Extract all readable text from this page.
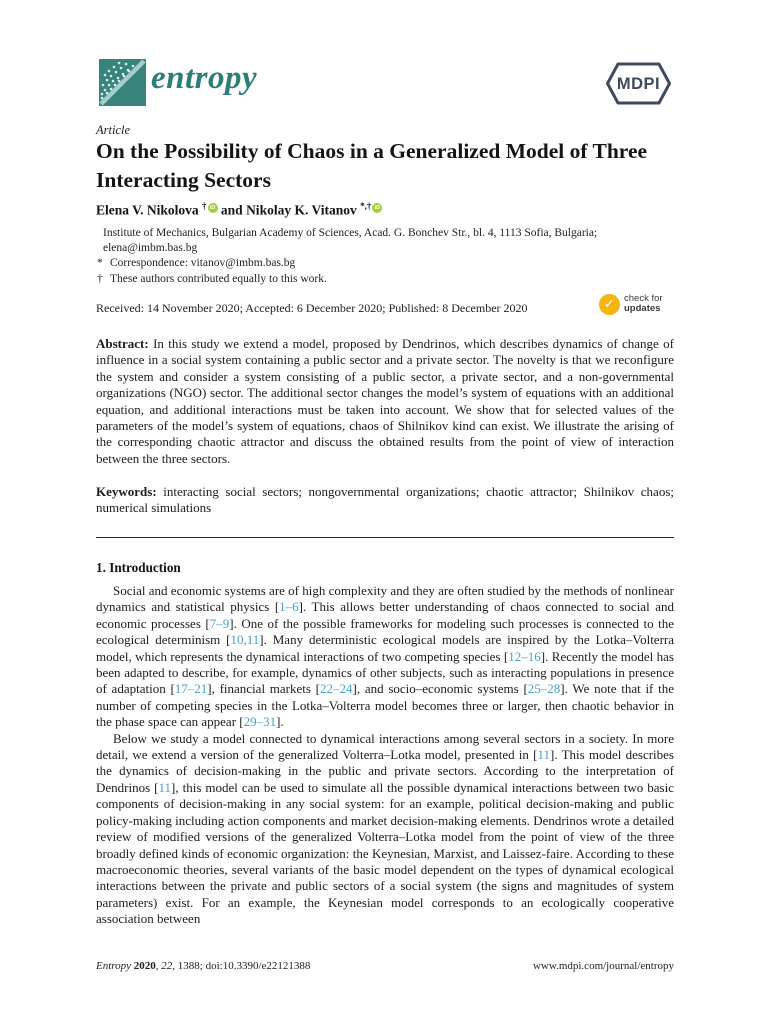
entropy	MDPI
Article
On the Possibility of Chaos in a Generalized Model of Three Interacting Sectors
Elena V. Nikolova † iD and Nikolay K. Vitanov *,† iD
Institute of Mechanics, Bulgarian Academy of Sciences, Acad. G. Bonchev Str., bl. 4, 1113 Sofia, Bulgaria; elena@imbm.bas.bg
* Correspondence: vitanov@imbm.bas.bg
† These authors contributed equally to this work.
Received: 14 November 2020; Accepted: 6 December 2020; Published: 8 December 2020	✓ check for
updates
Abstract: In this study we extend a model, proposed by Dendrinos, which describes dynamics of change of influence in a social system containing a public sector and a private sector. The novelty is that we reconfigure the system and consider a system consisting of a public sector, a private sector, and a non-governmental organizations (NGO) sector. The additional sector changes the model’s system of equations with an additional equation, and additional interactions must be taken into account. We show that for selected values of the parameters of the model’s system of equations, chaos of Shilnikov kind can exist. We illustrate the arising of the corresponding chaotic attractor and discuss the obtained results from the point of view of interaction between the three sectors.
Keywords: interacting social sectors; nongovernmental organizations; chaotic attractor; Shilnikov chaos; numerical simulations
1. Introduction

Social and economic systems are of high complexity and they are often studied by the methods of nonlinear dynamics and statistical physics [1–6]. This allows better understanding of chaos connected to social and economic processes [7–9]. One of the possible frameworks for modeling such processes is connected to the ecological determinism [10,11]. Many deterministic ecological models are inspired by the Lotka–Volterra model, which represents the dynamical interactions of two competing species [12–16]. Recently the model has been adapted to describe, for example, dynamics of other subjects, such as interacting populations in presence of adaptation [17–21], financial markets [22–24], and socio–economic systems [25–28]. We note that if the number of competing species in the Lotka–Volterra model becomes three or larger, then chaotic behavior in the phase space can appear [29–31].

Below we study a model connected to dynamical interactions among several sectors in a society. In more detail, we extend a version of the generalized Volterra–Lotka model, presented in [11]. This model describes the dynamics of decision-making in the public and private sectors. According to the interpretation of Dendrinos [11], this model can be used to simulate all the possible dynamical interactions between two basic components of decision-making in any social system: for an example, political decision-making and public policy-making including action components and market decision-making elements. Dendrinos wrote a detailed review of modified versions of the generalized Volterra–Lotka model from the point of view of the three broadly defined kinds of economic organization: the Keynesian, Marxist, and Laissez-faire. According to these macroeconomic theories, several variants of the basic model dependent on the types of dynamical ecological interactions between the private and public sectors of a social system (the signs and magnitudes of system parameters) exist. For an example, the Keynesian model corresponds to an ecologically cooperative association between

Entropy 2020, 22, 1388; doi:10.3390/e22121388	www.mdpi.com/journal/entropy
